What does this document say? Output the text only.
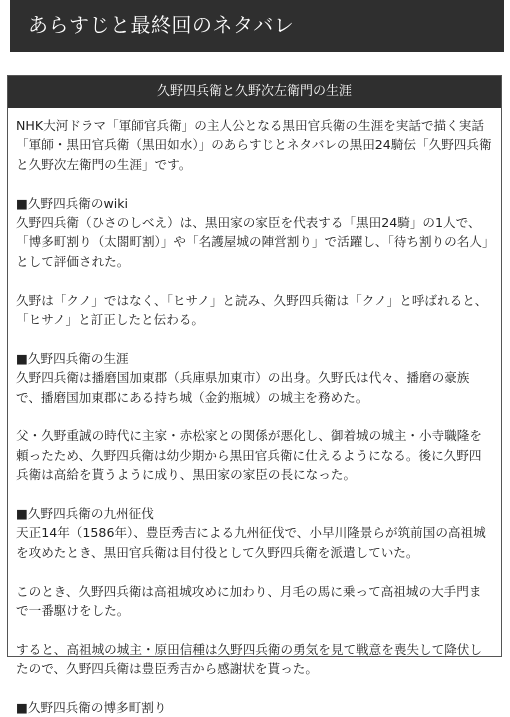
あらすじと最終回のネタバレ
久野四兵衛と久野次左衛門の生涯

NHK大河ドラマ「軍師官兵衛」の主人公となる黒田官兵衛の生涯を実話で描く実話「軍師・黒田官兵衛（黒田如水）」のあらすじとネタバレの黒田24騎伝「久野四兵衛と久野次左衛門の生涯」です。

■久野四兵衛のwiki

久野四兵衛（ひさのしべえ）は、黒田家の家臣を代表する「黒田24騎」の1人で、「博多町割り（太閤町割）」や「名護屋城の陣営割り」で活躍し、「待ち割りの名人」として評価された。

久野は「クノ」ではなく、「ヒサノ」と読み、久野四兵衛は「クノ」と呼ばれると、「ヒサノ」と訂正したと伝わる。

■久野四兵衛の生涯

久野四兵衛は播磨国加東郡（兵庫県加東市）の出身。久野氏は代々、播磨の豪族で、播磨国加東郡にある持ち城（金釣瓶城）の城主を務めた。

父・久野重誠の時代に主家・赤松家との関係が悪化し、御着城の城主・小寺職隆を頼ったため、久野四兵衛は幼少期から黒田官兵衛に仕えるようになる。後に久野四兵衛は高給を貰うように成り、黒田家の家臣の長になった。

■久野四兵衛の九州征伐

天正14年（1586年）、豊臣秀吉による九州征伐で、小早川隆景らが筑前国の高祖城を攻めたとき、黒田官兵衛は目付役として久野四兵衛を派遣していた。

このとき、久野四兵衛は高祖城攻めに加わり、月毛の馬に乗って高祖城の大手門まで一番駆けをした。

すると、高祖城の城主・原田信種は久野四兵衛の勇気を見て戦意を喪失して降伏したので、久野四兵衛は豊臣秀吉から感謝状を貰った。

■久野四兵衛の博多町割り
